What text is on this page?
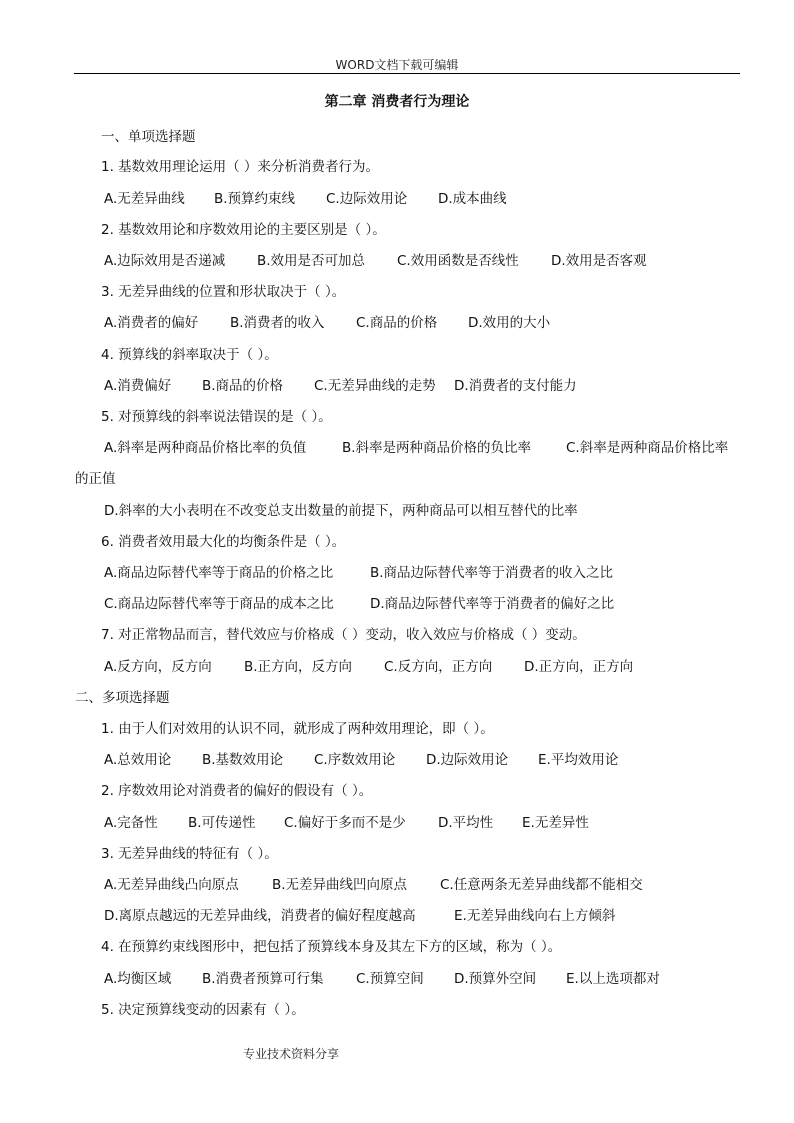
WORD文档下载可编辑
第二章 消费者行为理论
一、单项选择题
1. 基数效用理论运用（ ）来分析消费者行为。
A.无差异曲线 B.预算约束线 C.边际效用论 D.成本曲线
2. 基数效用论和序数效用论的主要区别是（ ）。
A.边际效用是否递减 B.效用是否可加总 C.效用函数是否线性 D.效用是否客观
3. 无差异曲线的位置和形状取决于（ ）。
A.消费者的偏好 B.消费者的收入 C.商品的价格 D.效用的大小
4. 预算线的斜率取决于（ ）。
A.消费偏好 B.商品的价格 C.无差异曲线的走势 D.消费者的支付能力
5. 对预算线的斜率说法错误的是（ ）。
A.斜率是两种商品价格比率的负值	B.斜率是两种商品价格的负比率	C.斜率是两种商品价格比率
的正值
D.斜率的大小表明在不改变总支出数量的前提下，两种商品可以相互替代的比率
6. 消费者效用最大化的均衡条件是（ ）。
A.商品边际替代率等于商品的价格之比	B.商品边际替代率等于消费者的收入之比
C.商品边际替代率等于商品的成本之比	D.商品边际替代率等于消费者的偏好之比
7. 对正常物品而言，替代效应与价格成（ ）变动，收入效应与价格成（ ）变动。
A.反方向，反方向 B.正方向，反方向 C.反方向，正方向 D.正方向，正方向
二、多项选择题
1. 由于人们对效用的认识不同，就形成了两种效用理论，即（ ）。
A.总效用论 B.基数效用论 C.序数效用论 D.边际效用论 E.平均效用论
2. 序数效用论对消费者的偏好的假设有（ ）。
A.完备性 B.可传递性 C.偏好于多而不是少 D.平均性 E.无差异性
3. 无差异曲线的特征有（ ）。
A.无差异曲线凸向原点 B.无差异曲线凹向原点 C.任意两条无差异曲线都不能相交
D.离原点越远的无差异曲线，消费者的偏好程度越高	E.无差异曲线向右上方倾斜
4. 在预算约束线图形中，把包括了预算线本身及其左下方的区域，称为（ ）。
A.均衡区域 B.消费者预算可行集 C.预算空间 D.预算外空间 E.以上选项都对
5. 决定预算线变动的因素有（ ）。
专业技术资料分享
